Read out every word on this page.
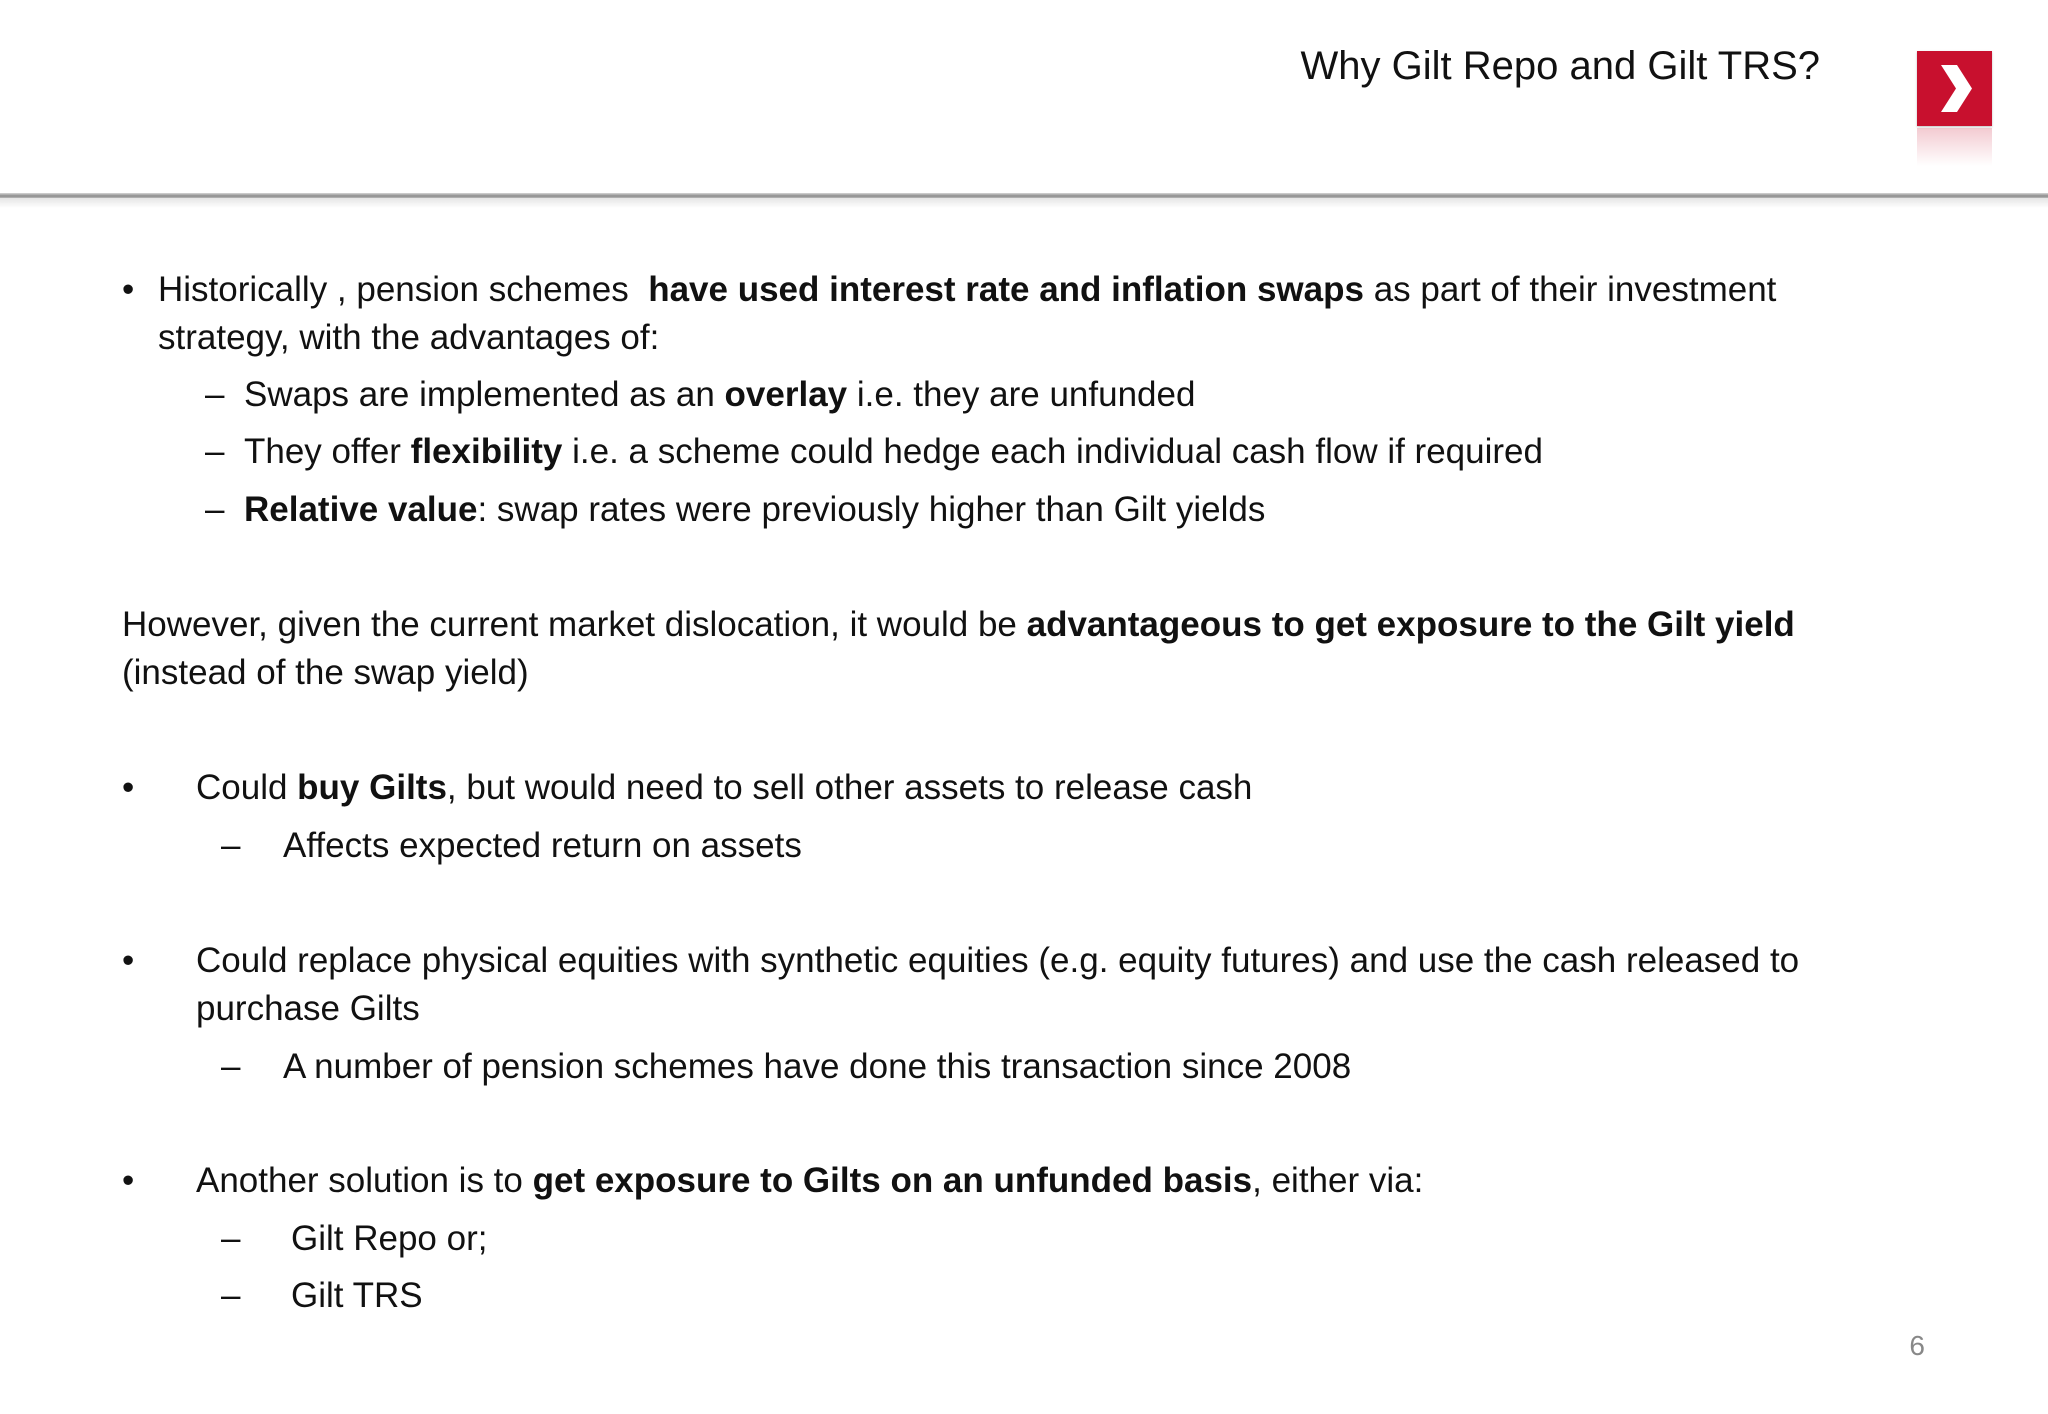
Why Gilt Repo and Gilt TRS?
• Historically , pension schemes have used interest rate and inflation swaps as part of their investment
strategy, with the advantages of:
– Swaps are implemented as an overlay i.e. they are unfunded
– They offer flexibility i.e. a scheme could hedge each individual cash flow if required
– Relative value: swap rates were previously higher than Gilt yields
However, given the current market dislocation, it would be advantageous to get exposure to the Gilt yield
(instead of the swap yield)
• Could buy Gilts, but would need to sell other assets to release cash
– Affects expected return on assets
• Could replace physical equities with synthetic equities (e.g. equity futures) and use the cash released to
purchase Gilts
– A number of pension schemes have done this transaction since 2008
• Another solution is to get exposure to Gilts on an unfunded basis, either via:
– Gilt Repo or;
– Gilt TRS
6
